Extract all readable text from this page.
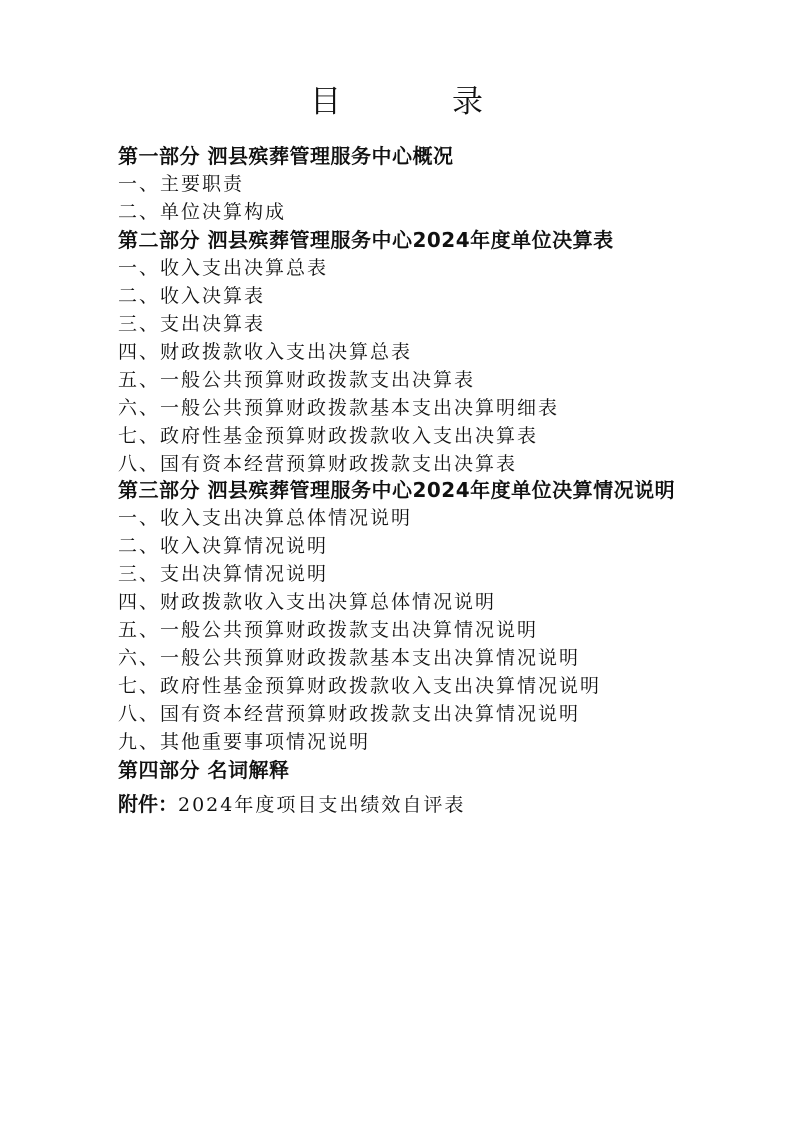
目　录
第一部分 泗县殡葬管理服务中心概况
一、主要职责
二、单位决算构成
第二部分 泗县殡葬管理服务中心2024年度单位决算表
一、收入支出决算总表
二、收入决算表
三、支出决算表
四、财政拨款收入支出决算总表
五、一般公共预算财政拨款支出决算表
六、一般公共预算财政拨款基本支出决算明细表
七、政府性基金预算财政拨款收入支出决算表
八、国有资本经营预算财政拨款支出决算表
第三部分 泗县殡葬管理服务中心2024年度单位决算情况说明
一、收入支出决算总体情况说明
二、收入决算情况说明
三、支出决算情况说明
四、财政拨款收入支出决算总体情况说明
五、一般公共预算财政拨款支出决算情况说明
六、一般公共预算财政拨款基本支出决算情况说明
七、政府性基金预算财政拨款收入支出决算情况说明
八、国有资本经营预算财政拨款支出决算情况说明
九、其他重要事项情况说明
第四部分 名词解释
附件：2024年度项目支出绩效自评表
